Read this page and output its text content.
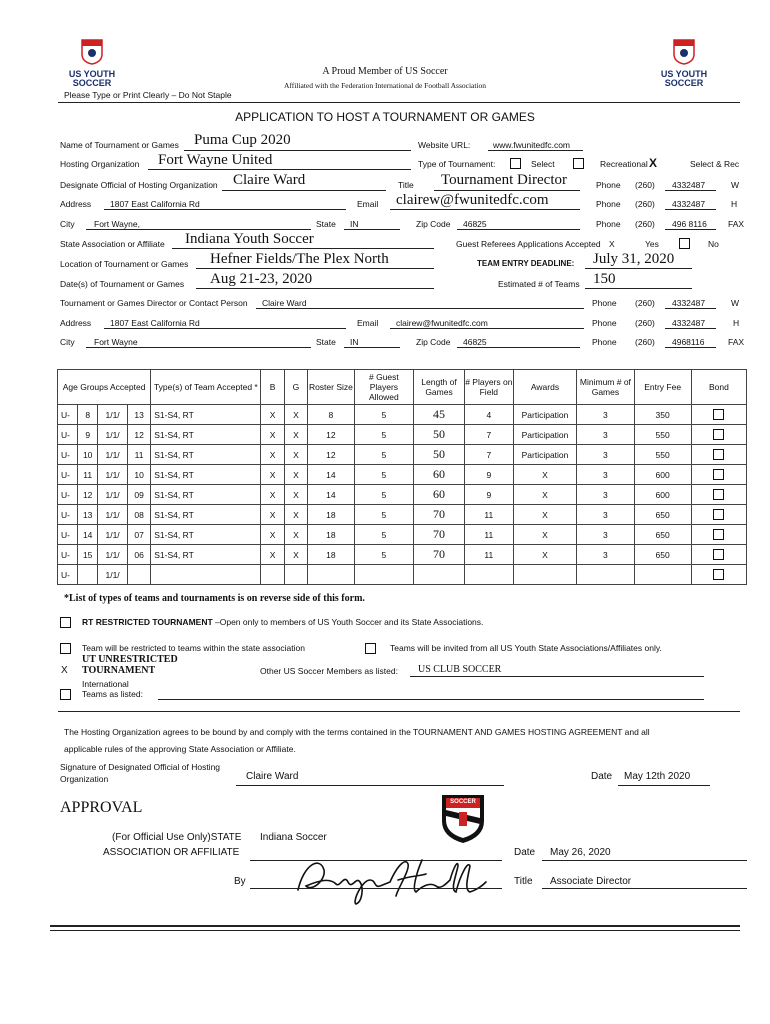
US YOUTH
SOCCER
US YOUTH
SOCCER
A Proud Member of US Soccer
Affiliated with the Federation International de Football Association
Please Type or Print Clearly – Do Not Staple
APPLICATION TO HOST A TOURNAMENT OR GAMES
Name of Tournament or Games Puma Cup 2020	Website URL:	www.fwunitedfc.com
Hosting Organization Fort Wayne United	Type of Tournament:	Select	Recreational X	Select & Rec
Designate Official of Hosting Organization Claire Ward	Title Tournament Director	Phone (260) 4332487	W
Address 1807 East California Rd	Email clairew@fwunitedfc.com	Phone (260) 4332487	H
City Fort Wayne,	State IN	Zip Code 46825	Phone (260) 496 8116 FAX
State Association or Affiliate Indiana Youth Soccer	Guest Referees Applications Accepted X	Yes	No
Location of Tournament or Games Hefner Fields/The Plex North	TEAM ENTRY DEADLINE: July 31, 2020
Date(s) of Tournament or Games Aug 21-23, 2020	Estimated # of Teams 150
Tournament or Games Director or Contact Person Claire Ward	Phone (260) 4332487	W
Address 1807 East California Rd	Email clairew@fwunitedfc.com	Phone (260) 4332487	H
City Fort Wayne	State IN	Zip Code 46825	Phone (260) 4968116	FAX
Age Groups Accepted				Type(s) of Team Accepted *	B	G	Roster Size	# Guest Players Allowed	Length of Games	# Players on Field	Awards	Minimum # of Games	Entry Fee	Bond
U-	8	1/1/	13	S1-S4, RT	X	X	8	5	45	4	Participation	3	350	
U-	9	1/1/	12	S1-S4, RT	X	X	12	5	50	7	Participation	3	550	
U-	10	1/1/	11	S1-S4, RT	X	X	12	5	50	7	Participation	3	550	
U-	11	1/1/	10	S1-S4, RT	X	X	14	5	60	9	X	3	600	
U-	12	1/1/	09	S1-S4, RT	X	X	14	5	60	9	X	3	600	
U-	13	1/1/	08	S1-S4, RT	X	X	18	5	70	11	X	3	650	
U-	14	1/1/	07	S1-S4, RT	X	X	18	5	70	11	X	3	650	
U-	15	1/1/	06	S1-S4, RT	X	X	18	5	70	11	X	3	650	
U-		1/1/												
*List of types of teams and tournaments is on reverse side of this form.
RT RESTRICTED TOURNAMENT –Open only to members of US Youth Soccer and its State Associations.
Team will be restricted to teams within the state association	Teams will be invited from all US Youth State Associations/Affiliates only.
UT UNRESTRICTED
X TOURNAMENT	Other US Soccer Members as listed: US CLUB SOCCER
International
Teams as listed:
The Hosting Organization agrees to be bound by and comply with the terms contained in the TOURNAMENT AND GAMES HOSTING AGREEMENT and all
applicable rules of the approving State Association or Affiliate.
Signature of Designated Official of Hosting
Organization	Claire Ward	Date May 12th 2020
APPROVAL	SOCCER
(For Official Use Only)STATE
ASSOCIATION OR AFFILIATE
Indiana Soccer
Date May 26, 2020
By	Title Associate Director
